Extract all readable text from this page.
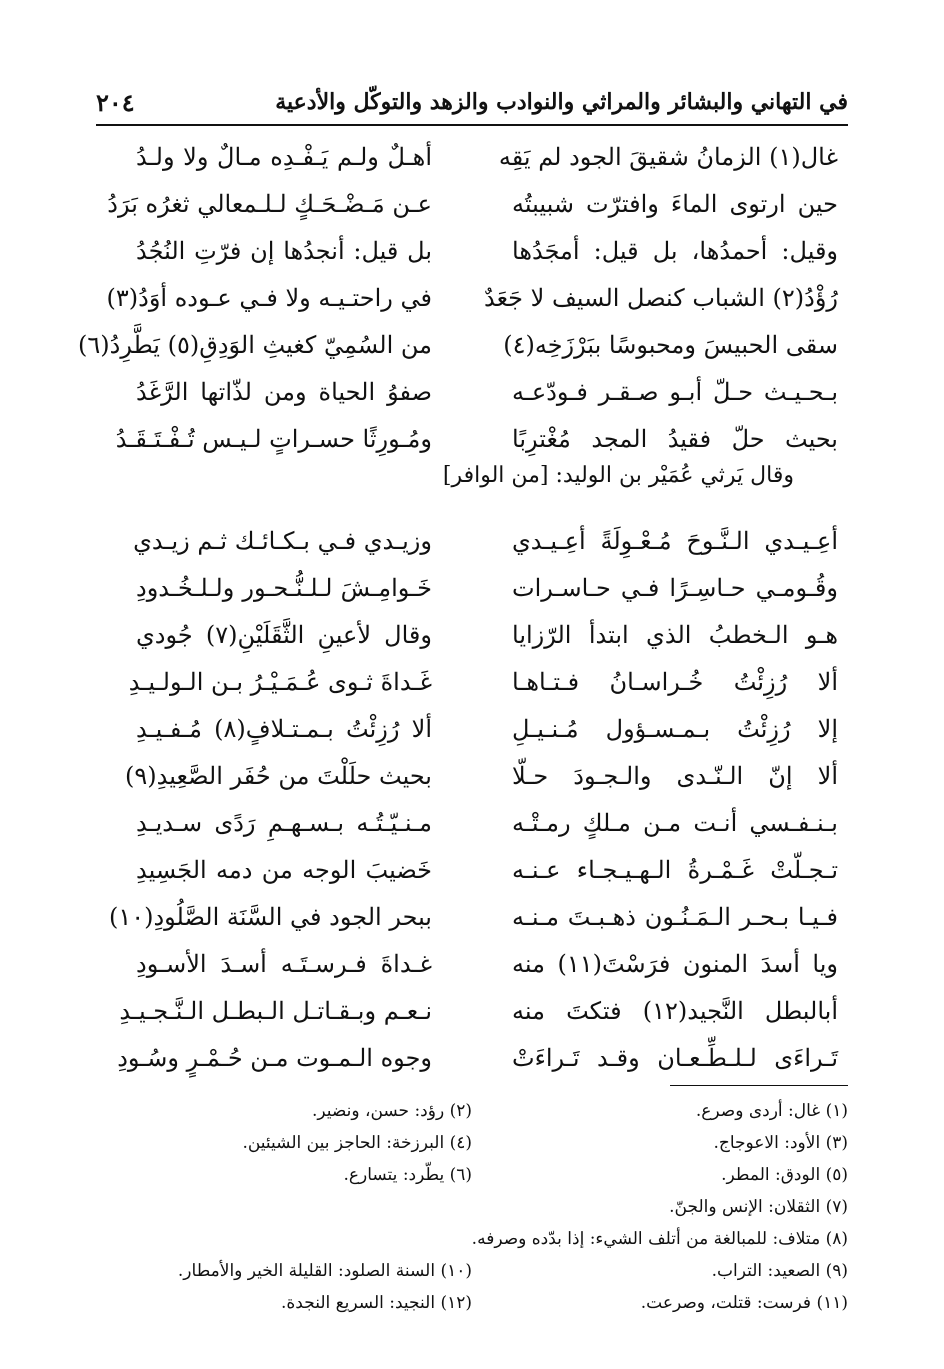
في التهاني والبشائر والمراثي والنوادب والزهد والتوكّل والأدعية
٢٠٤
غال(١) الزمانُ شقيقَ الجود لم يَقِه
أهـلٌ ولـم يَـفْـدِه مـالٌ ولا ولـدُ
حين ارتوى الماءَ وافترّت شبيبتُه
عـن مَـضْـحَـكٍ لـلـمعالي ثغرُه بَرَدُ
وقيل: أحمدُها، بل قيل: أمجَدُها
بل قيل: أنجدُها إن فرّتِ النُجُدُ
رُؤْدُ(٢) الشباب كنصل السيف لا جَعَدٌ
في راحتـيـه ولا فـي عـوده أوَدُ(٣)
سقى الحبيسَ ومحبوسًا ببَرْزَخِه(٤)
من السُمِيّ كغيثِ الوَدِقِ(٥) يَطَّرِدُ(٦)
بـحـيـث حـلّ أبـو صـقـر فـودّعـه
صفوُ الحياة ومن لذّاتها الرَّغَدُ
بحيث حلّ فقيدُ المجد مُغْترِبًا
ومُـورِثًا حسـراتٍ لـيـس تُـفْـتَـقَـدُ
وقال يَرثي عُمَيْر بن الوليد: [من الوافر]
أعِـيـدي الـنَّـوحَ مُـعْـوِلَةً أعِـيـدي
وزيـدي فـي بـكـائـك ثـم زيـدي
وقُـومـي حـاسِـرًا فـي حـاسـرات
خَـوامِـشَ لـلـنُّـحـور ولـلـخُـدودِ
هـو الـخطبُ الذي ابتدأ الرّزايا
وقال لأعينِ الثَّقَلَيْنِ(٧) جُودي
ألا رُزِئْتُ خُـراسـانُ فـتـاهـا
غَـداةَ ثـوى عُـمَـيْـرُ بـن الـولـيـدِ
إلا رُزِئْتُ بـمـسـؤول مُـنـيـلِ
ألا رُزِئْتُ بـمـتـلافٍ(٨) مُـفـيـدِ
ألا إنّ الـنّـدى والـجـودَ حـلّا
بحيث حلَلْتَ من حُفَر الصَّعِيدِ(٩)
بـنـفـسي أنـت مـن مـلكٍ رمـتْـه
مـنـيّـتُـه بـسـهـمِ رَدًى سـديـدِ
تـجـلّتْ غَـمْـرةُ الـهـيـجـاء عـنـه
خَضيبَ الوجه من دمه الجَسِيدِ
فـيـا بـحـر الـمَـنُـون ذهـبـتَ مـنـه
ببحر الجود في السَّنَة الصَّلُودِ(١٠)
ويا أسدَ المنون فرَسْتَ(١١) منه
غـداةَ فـرسـتَـه أسـدَ الأسـودِ
أبالبطل النَّجيد(١٢) فتكتَ منه
نـعـم وبـقـاتـل الـبطـل الـنَّـجـيـدِ
تَـراءَى لـلـطِّـعـان وقـد تَـراءَتْ
وجوه الـمـوت مـن حُـمْـرٍ وسُـودِ
(١) غال: أردى وصرع.
(٢) رؤد: حسن، ونضير.
(٣) الأود: الاعوجاج.
(٤) البرزخة: الحاجز بين الشيئين.
(٥) الودق: المطر.
(٦) يطّرد: يتسارع.
(٧) الثقلان: الإنس والجنّ.
(٨) متلاف: للمبالغة من أتلف الشيء: إذا بدّده وصرفه.
(٩) الصعيد: التراب.
(١٠) السنة الصلود: القليلة الخير والأمطار.
(١١) فرست: قتلت، وصرعت.
(١٢) النجيد: السريع النجدة.
